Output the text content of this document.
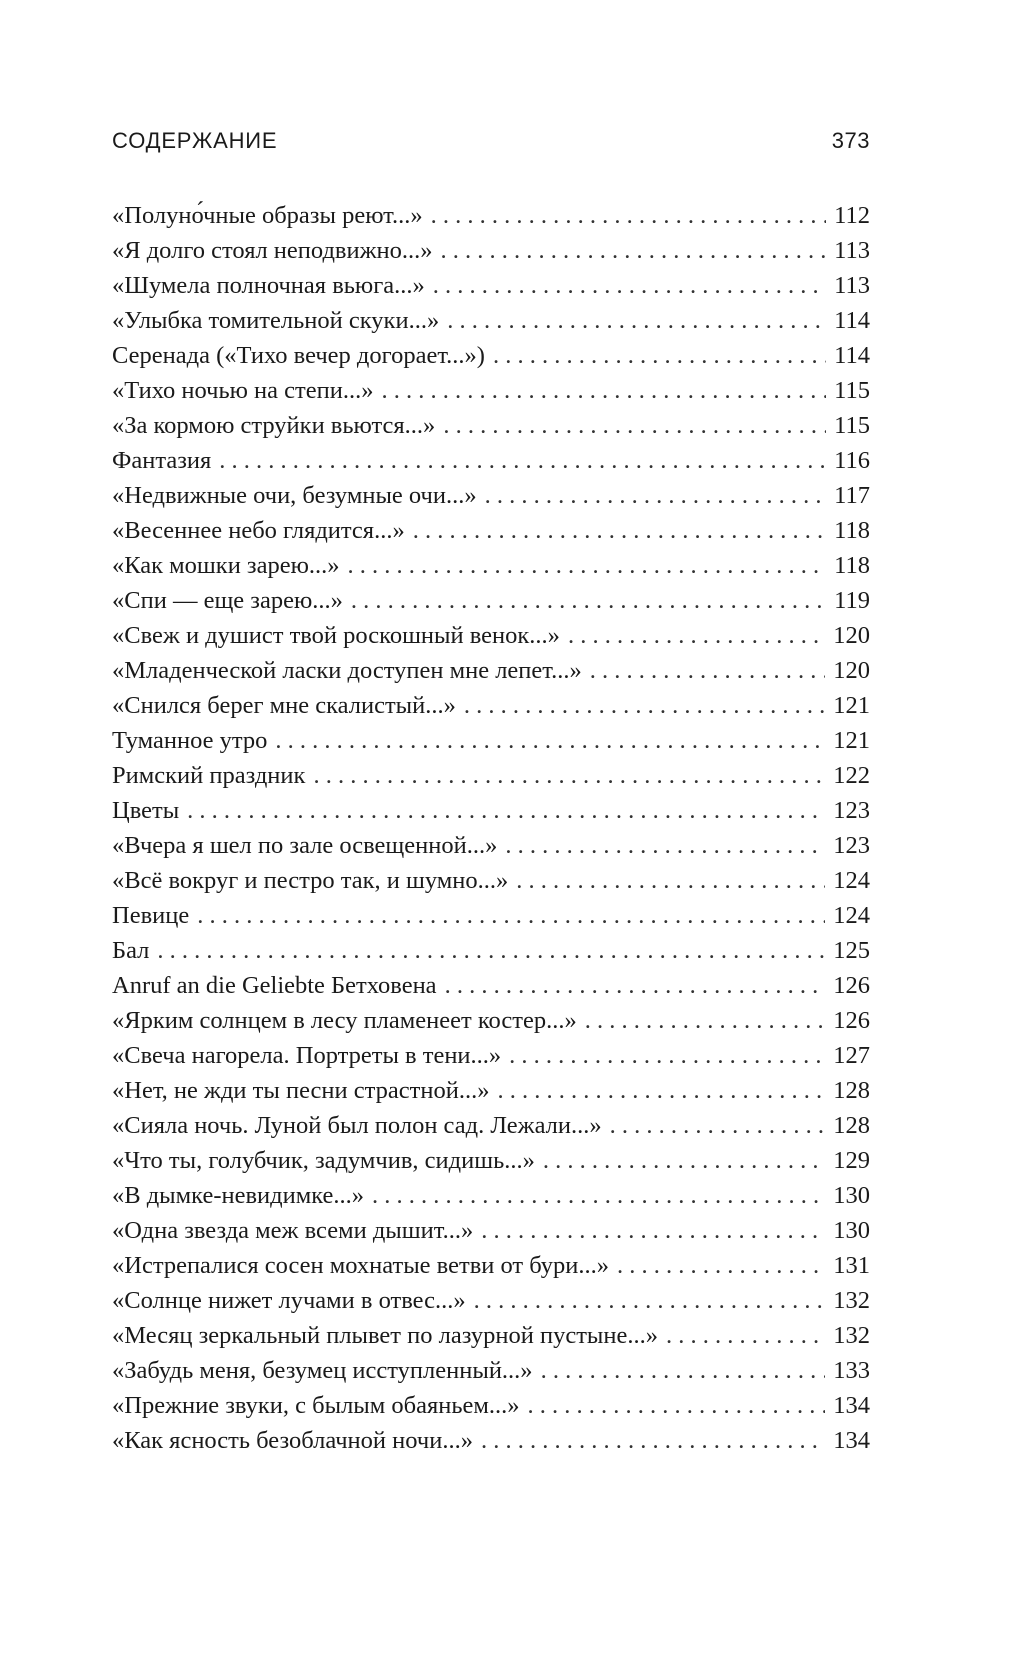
СОДЕРЖАНИЕ	373
«Полуно́чные образы реют...» . . .	112
«Я долго стоял неподвижно...» . . .	113
«Шумела полночная вьюга...» . . .	113
«Улыбка томительной скуки...» . . .	114
Серенада («Тихо вечер догорает...») . . .	114
«Тихо ночью на степи...» . . .	115
«За кормою струйки вьются...» . . .	115
Фантазия . . .	116
«Недвижные очи, безумные очи...» . . .	117
«Весеннее небо глядится...» . . .	118
«Как мошки зарею...» . . .	118
«Спи — еще зарею...» . . .	119
«Свеж и душист твой роскошный венок...» . . .	120
«Младенческой ласки доступен мне лепет...» . . .	120
«Снился берег мне скалистый...» . . .	121
Туманное утро . . .	121
Римский праздник . . .	122
Цветы . . .	123
«Вчера я шел по зале освещенной...» . . .	123
«Всё вокруг и пестро так, и шумно...» . . .	124
Певице . . .	124
Бал . . .	125
Anruf an die Geliebte Бетховена . . .	126
«Ярким солнцем в лесу пламенеет костер...» . . .	126
«Свеча нагорела. Портреты в тени...» . . .	127
«Нет, не жди ты песни страстной...» . . .	128
«Сияла ночь. Луной был полон сад. Лежали...» . . .	128
«Что ты, голубчик, задумчив, сидишь...» . . .	129
«В дымке-невидимке...» . . .	130
«Одна звезда меж всеми дышит...» . . .	130
«Истрепалися сосен мохнатые ветви от бури...» . . .	131
«Солнце нижет лучами в отвес...» . . .	132
«Месяц зеркальный плывет по лазурной пустыне...» . . .	132
«Забудь меня, безумец исступленный...» . . .	133
«Прежние звуки, с былым обаяньем...» . . .	134
«Как ясность безоблачной ночи...» . . .	134
